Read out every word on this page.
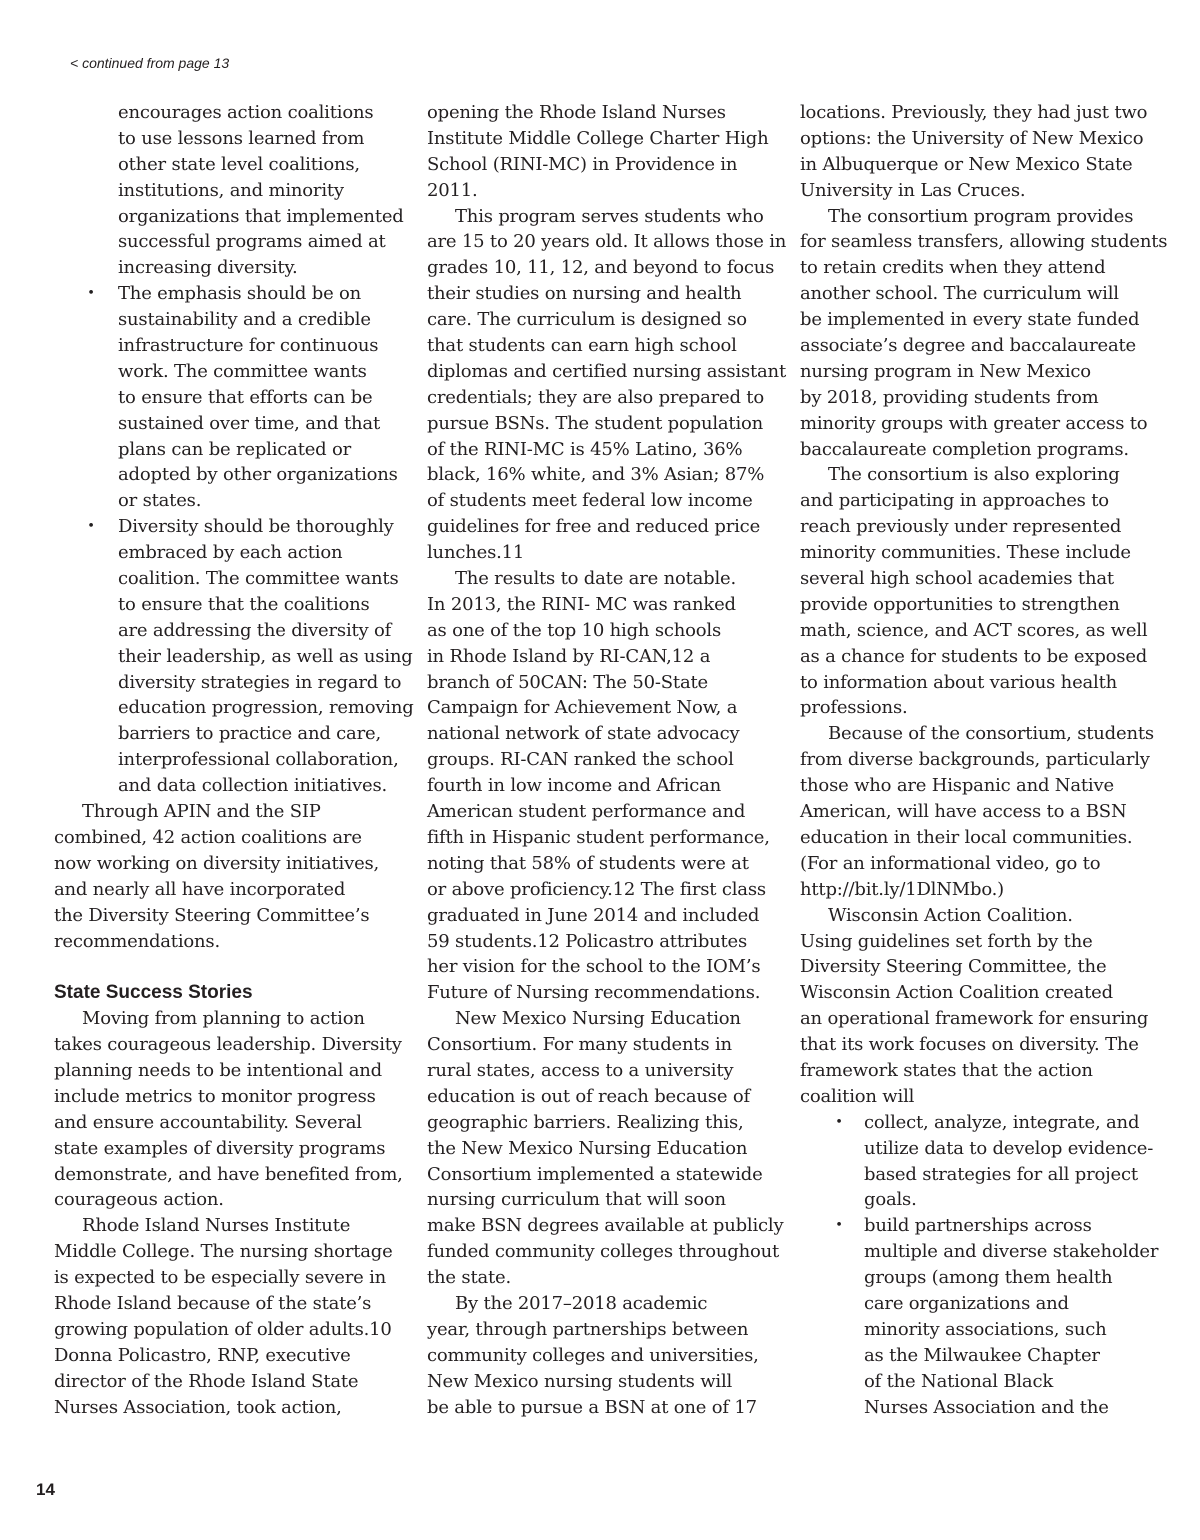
< continued from page 13
encourages action coalitions
to use lessons learned from
other state level coalitions,
institutions, and minority
organizations that implemented
successful programs aimed at
increasing diversity.
• The emphasis should be on
sustainability and a credible
infrastructure for continuous
work. The committee wants
to ensure that efforts can be
sustained over time, and that
plans can be replicated or
adopted by other organizations
or states.
• Diversity should be thoroughly
embraced by each action
coalition. The committee wants
to ensure that the coalitions
are addressing the diversity of
their leadership, as well as using
diversity strategies in regard to
education progression, removing
barriers to practice and care,
interprofessional collaboration,
and data collection initiatives.
Through APIN and the SIP
combined, 42 action coalitions are
now working on diversity initiatives,
and nearly all have incorporated
the Diversity Steering Committee’s
recommendations.
State Success Stories
Moving from planning to action
takes courageous leadership. Diversity
planning needs to be intentional and
include metrics to monitor progress
and ensure accountability. Several
state examples of diversity programs
demonstrate, and have benefited from,
courageous action.
Rhode Island Nurses Institute
Middle College. The nursing shortage
is expected to be especially severe in
Rhode Island because of the state’s
growing population of older adults.10
Donna Policastro, RNP, executive
director of the Rhode Island State
Nurses Association, took action,
opening the Rhode Island Nurses
Institute Middle College Charter High
School (RINI-MC) in Providence in
2011.
This program serves students who
are 15 to 20 years old. It allows those in
grades 10, 11, 12, and beyond to focus
their studies on nursing and health
care. The curriculum is designed so
that students can earn high school
diplomas and certified nursing assistant
credentials; they are also prepared to
pursue BSNs. The student population
of the RINI-MC is 45% Latino, 36%
black, 16% white, and 3% Asian; 87%
of students meet federal low income
guidelines for free and reduced price
lunches.11
The results to date are notable.
In 2013, the RINI- MC was ranked
as one of the top 10 high schools
in Rhode Island by RI-CAN,12 a
branch of 50CAN: The 50-State
Campaign for Achievement Now, a
national network of state advocacy
groups. RI-CAN ranked the school
fourth in low income and African
American student performance and
fifth in Hispanic student performance,
noting that 58% of students were at
or above proficiency.12 The first class
graduated in June 2014 and included
59 students.12 Policastro attributes
her vision for the school to the IOM’s
Future of Nursing recommendations.
New Mexico Nursing Education
Consortium. For many students in
rural states, access to a university
education is out of reach because of
geographic barriers. Realizing this,
the New Mexico Nursing Education
Consortium implemented a statewide
nursing curriculum that will soon
make BSN degrees available at publicly
funded community colleges throughout
the state.
By the 2017–2018 academic
year, through partnerships between
community colleges and universities,
New Mexico nursing students will
be able to pursue a BSN at one of 17
locations. Previously, they had just two
options: the University of New Mexico
in Albuquerque or New Mexico State
University in Las Cruces.
The consortium program provides
for seamless transfers, allowing students
to retain credits when they attend
another school. The curriculum will
be implemented in every state funded
associate’s degree and baccalaureate
nursing program in New Mexico
by 2018, providing students from
minority groups with greater access to
baccalaureate completion programs.
The consortium is also exploring
and participating in approaches to
reach previously under represented
minority communities. These include
several high school academies that
provide opportunities to strengthen
math, science, and ACT scores, as well
as a chance for students to be exposed
to information about various health
professions.
Because of the consortium, students
from diverse backgrounds, particularly
those who are Hispanic and Native
American, will have access to a BSN
education in their local communities.
(For an informational video, go to
http://bit.ly/1DlNMbo.)
Wisconsin Action Coalition.
Using guidelines set forth by the
Diversity Steering Committee, the
Wisconsin Action Coalition created
an operational framework for ensuring
that its work focuses on diversity. The
framework states that the action
coalition will
• collect, analyze, integrate, and
utilize data to develop evidence-
based strategies for all project
goals.
• build partnerships across
multiple and diverse stakeholder
groups (among them health
care organizations and
minority associations, such
as the Milwaukee Chapter
of the National Black
Nurses Association and the
14
